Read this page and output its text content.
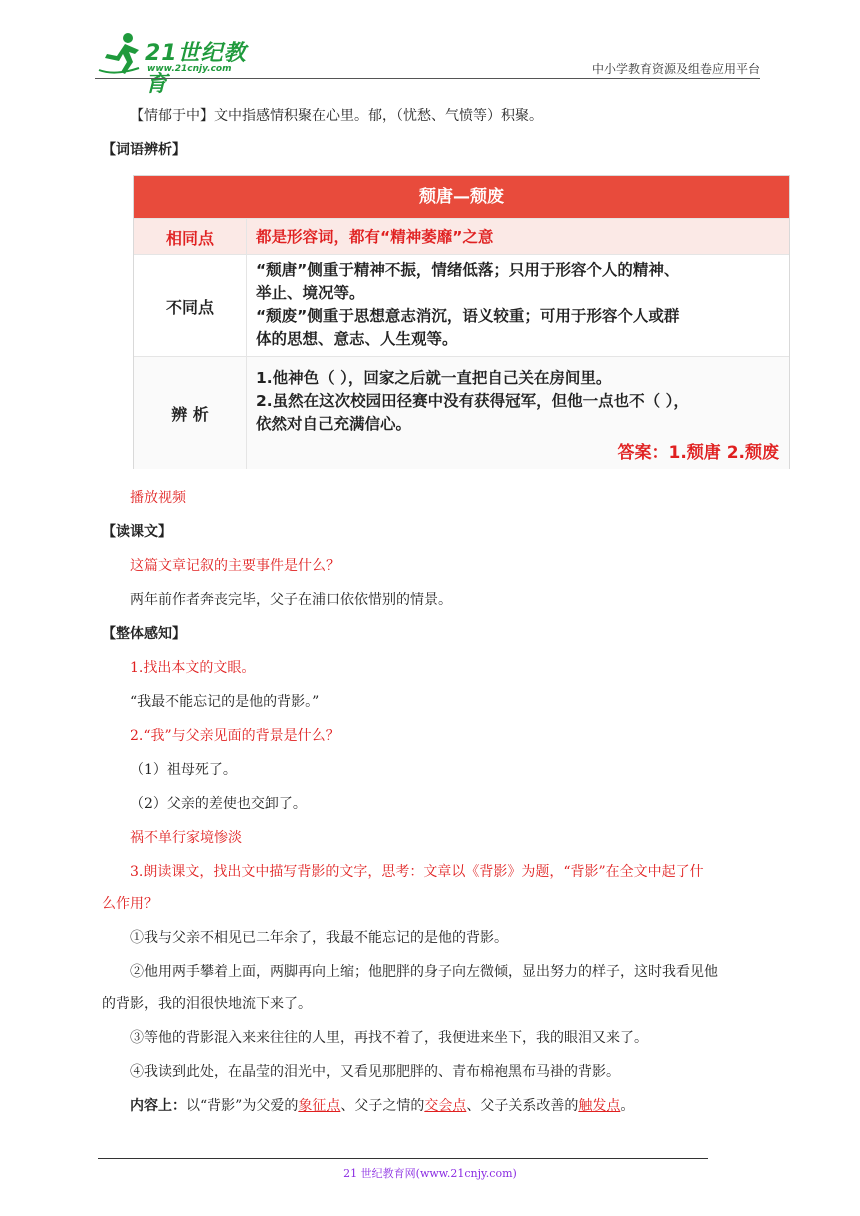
21世纪教育
www.21cnjy.com	中小学教育资源及组卷应用平台
【情郁于中】文中指感情积聚在心里。郁，（忧愁、气愤等）积聚。
【词语辨析】
颓唐—颓废
相同点	都是形容词，都有“精神萎靡”之意
不同点
“颓唐”侧重于精神不振，情绪低落；只用于形容个人的精神、
举止、境况等。
“颓废”侧重于思想意志消沉，语义较重；可用于形容个人或群
体的思想、意志、人生观等。
辨 析
1.他神色（ ），回家之后就一直把自己关在房间里。
2.虽然在这次校园田径赛中没有获得冠军，但他一点也不（ ），
依然对自己充满信心。
答案：1.颓唐 2.颓废
播放视频
【读课文】
这篇文章记叙的主要事件是什么？
两年前作者奔丧完毕，父子在浦口依依惜别的情景。
【整体感知】
1.找出本文的文眼。
“我最不能忘记的是他的背影。”
2.“我”与父亲见面的背景是什么？
（1）祖母死了。
（2）父亲的差使也交卸了。
祸不单行家境惨淡
3.朗读课文，找出文中描写背影的文字，思考：文章以《背影》为题，“背影”在全文中起了什
么作用？
①我与父亲不相见已二年余了，我最不能忘记的是他的背影。
②他用两手攀着上面，两脚再向上缩；他肥胖的身子向左微倾，显出努力的样子，这时我看见他
的背影，我的泪很快地流下来了。
③等他的背影混入来来往往的人里，再找不着了，我便进来坐下，我的眼泪又来了。
④我读到此处，在晶莹的泪光中，又看见那肥胖的、青布棉袍黑布马褂的背影。
内容上：以“背影”为父爱的象征点、父子之情的交会点、父子关系改善的触发点。
21 世纪教育网(www.21cnjy.com)
